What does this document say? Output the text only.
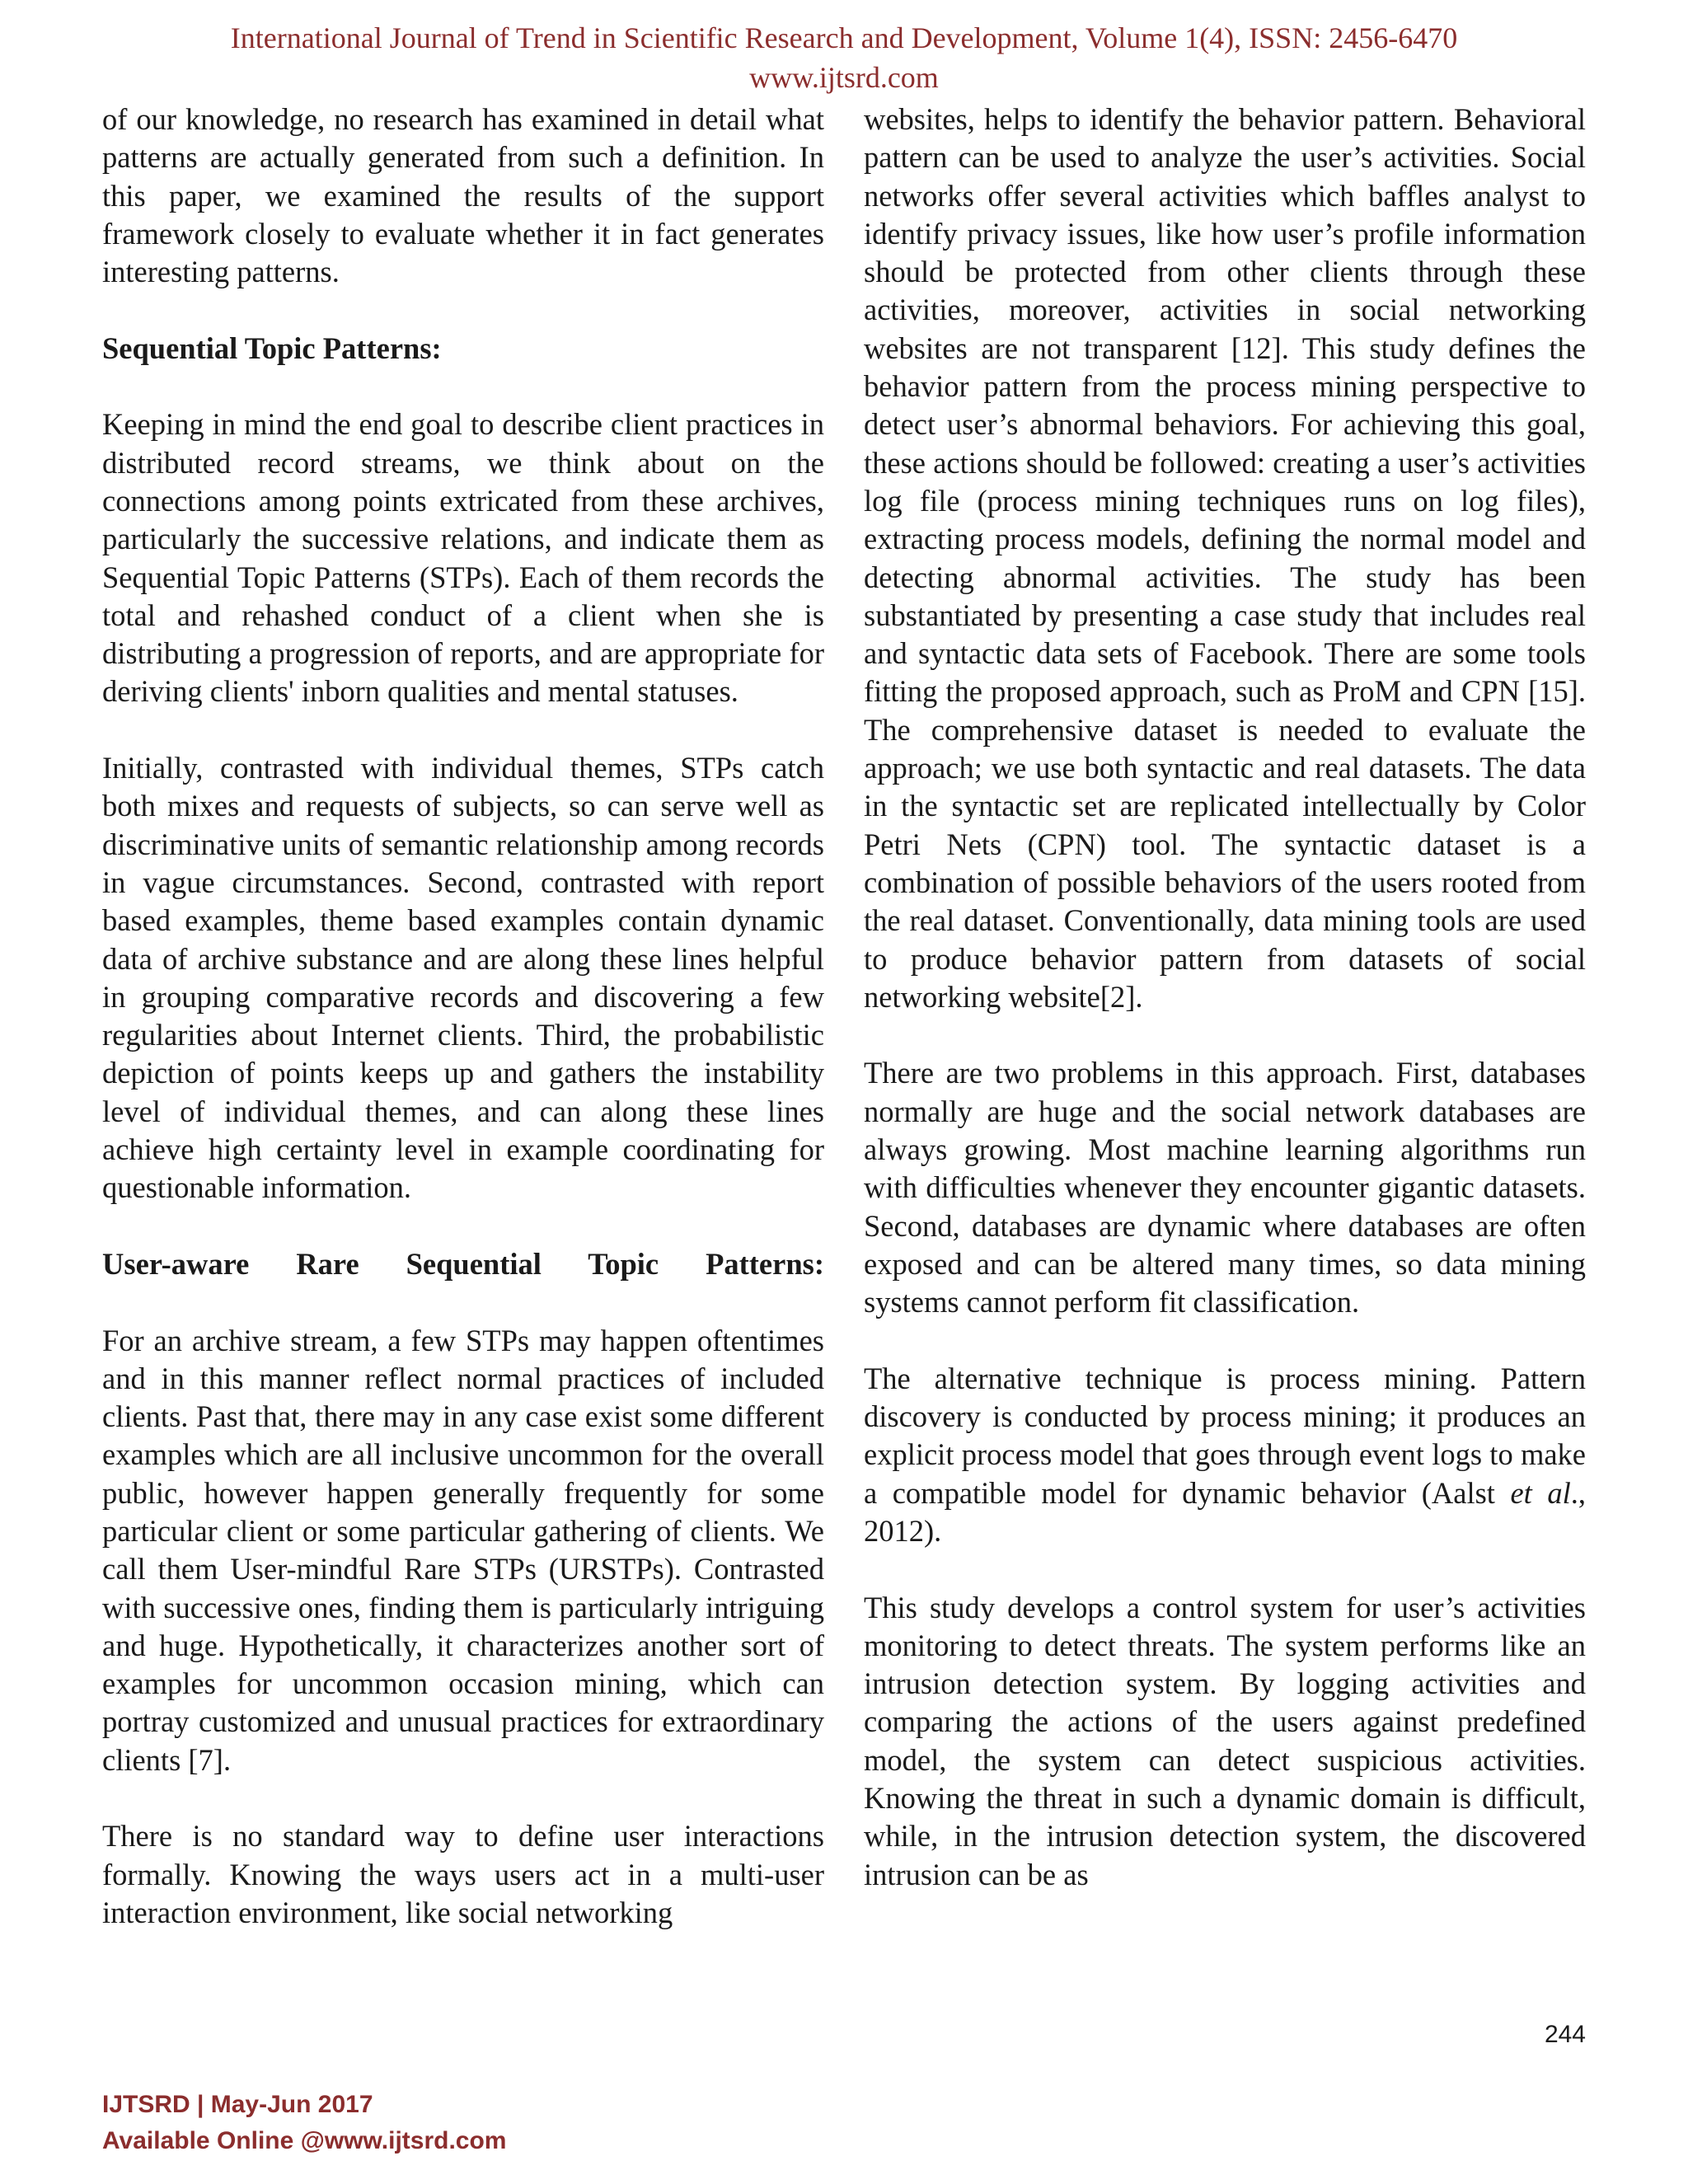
International Journal of Trend in Scientific Research and Development, Volume 1(4), ISSN: 2456-6470
www.ijtsrd.com

of our knowledge, no research has examined in detail what patterns are actually generated from such a definition. In this paper, we examined the results of the support framework closely to evaluate whether it in fact generates interesting patterns.

Sequential Topic Patterns:

Keeping in mind the end goal to describe client practices in distributed record streams, we think about on the connections among points extricated from these archives, particularly the successive relations, and indicate them as Sequential Topic Patterns (STPs). Each of them records the total and rehashed conduct of a client when she is distributing a progression of reports, and are appropriate for deriving clients' inborn qualities and mental statuses.

Initially, contrasted with individual themes, STPs catch both mixes and requests of subjects, so can serve well as discriminative units of semantic relationship among records in vague circumstances. Second, contrasted with report based examples, theme based examples contain dynamic data of archive substance and are along these lines helpful in grouping comparative records and discovering a few regularities about Internet clients. Third, the probabilistic depiction of points keeps up and gathers the instability level of individual themes, and can along these lines achieve high certainty level in example coordinating for questionable information.

User-aware Rare Sequential Topic Patterns:

For an archive stream, a few STPs may happen oftentimes and in this manner reflect normal practices of included clients. Past that, there may in any case exist some different examples which are all inclusive uncommon for the overall public, however happen generally frequently for some particular client or some particular gathering of clients. We call them User-mindful Rare STPs (URSTPs). Contrasted with successive ones, finding them is particularly intriguing and huge. Hypothetically, it characterizes another sort of examples for uncommon occasion mining, which can portray customized and unusual practices for extraordinary clients [7].

There is no standard way to define user interactions formally. Knowing the ways users act in a multi-user interaction environment, like social networking

websites, helps to identify the behavior pattern. Behavioral pattern can be used to analyze the user’s activities. Social networks offer several activities which baffles analyst to identify privacy issues, like how user’s profile information should be protected from other clients through these activities, moreover, activities in social networking websites are not transparent [12]. This study defines the behavior pattern from the process mining perspective to detect user’s abnormal behaviors. For achieving this goal, these actions should be followed: creating a user’s activities log file (process mining techniques runs on log files), extracting process models, defining the normal model and detecting abnormal activities. The study has been substantiated by presenting a case study that includes real and syntactic data sets of Facebook. There are some tools fitting the proposed approach, such as ProM and CPN [15]. The comprehensive dataset is needed to evaluate the approach; we use both syntactic and real datasets. The data in the syntactic set are replicated intellectually by Color Petri Nets (CPN) tool. The syntactic dataset is a combination of possible behaviors of the users rooted from the real dataset. Conventionally, data mining tools are used to produce behavior pattern from datasets of social networking website[2].

There are two problems in this approach. First, databases normally are huge and the social network databases are always growing. Most machine learning algorithms run with difficulties whenever they encounter gigantic datasets. Second, databases are dynamic where databases are often exposed and can be altered many times, so data mining systems cannot perform fit classification.

The alternative technique is process mining. Pattern discovery is conducted by process mining; it produces an explicit process model that goes through event logs to make a compatible model for dynamic behavior (Aalst et al., 2012).

This study develops a control system for user’s activities monitoring to detect threats. The system performs like an intrusion detection system. By logging activities and comparing the actions of the users against predefined model, the system can detect suspicious activities. Knowing the threat in such a dynamic domain is difficult, while, in the intrusion detection system, the discovered intrusion can be as

244
IJTSRD | May-Jun 2017
Available Online @www.ijtsrd.com
